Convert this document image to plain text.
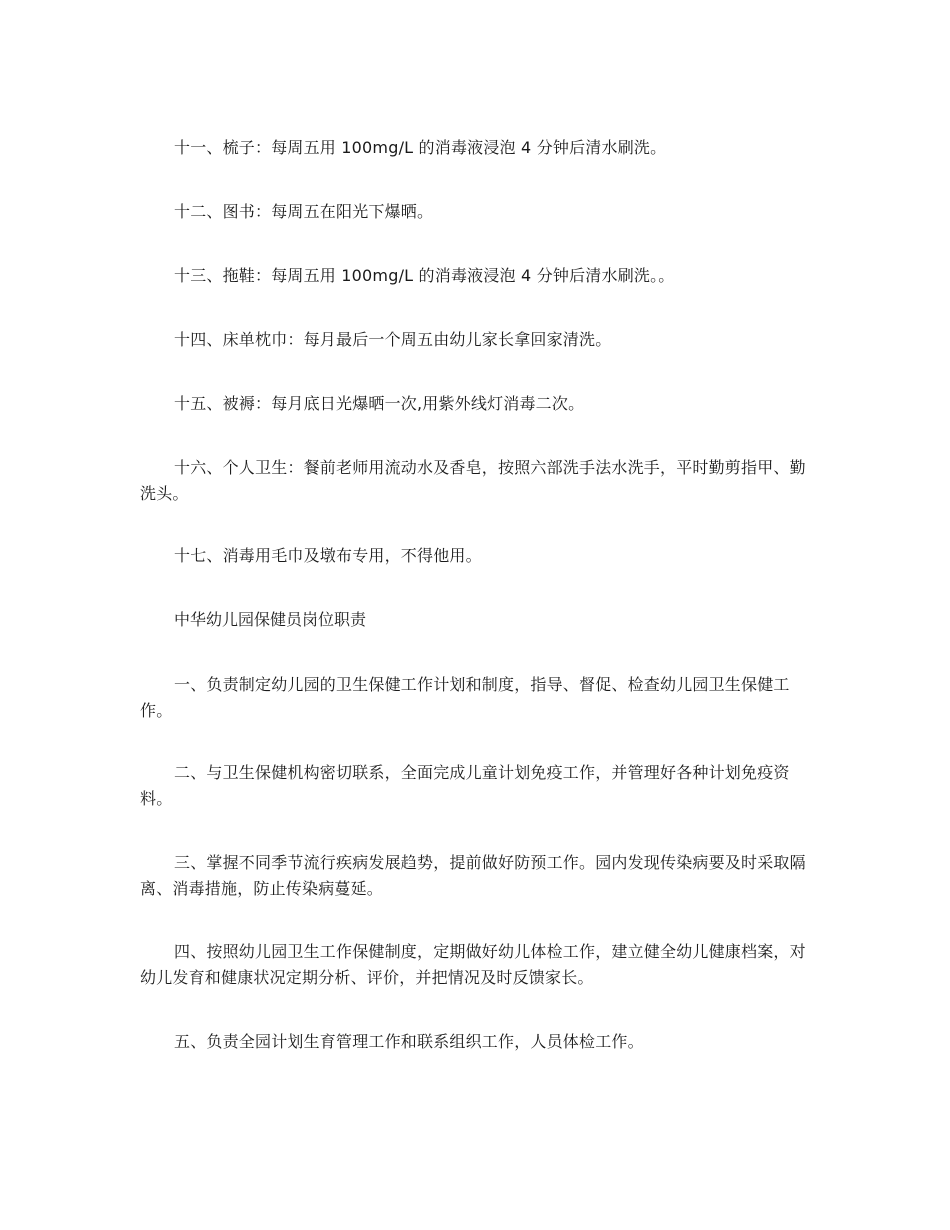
十一、梳子：每周五用 100mg/L 的消毒液浸泡 4 分钟后清水刷洗。

十二、图书：每周五在阳光下爆晒。

十三、拖鞋：每周五用 100mg/L 的消毒液浸泡 4 分钟后清水刷洗。。

十四、床单枕巾：每月最后一个周五由幼儿家长拿回家清洗。

十五、被褥：每月底日光爆晒一次,用紫外线灯消毒二次。

十六、个人卫生：餐前老师用流动水及香皂，按照六部洗手法水洗手，平时勤剪指甲、勤洗头。

十七、消毒用毛巾及墩布专用，不得他用。

中华幼儿园保健员岗位职责

一、负责制定幼儿园的卫生保健工作计划和制度，指导、督促、检查幼儿园卫生保健工作。

二、与卫生保健机构密切联系，全面完成儿童计划免疫工作，并管理好各种计划免疫资料。

三、掌握不同季节流行疾病发展趋势，提前做好防预工作。园内发现传染病要及时采取隔离、消毒措施，防止传染病蔓延。

四、按照幼儿园卫生工作保健制度，定期做好幼儿体检工作，建立健全幼儿健康档案，对幼儿发育和健康状况定期分析、评价，并把情况及时反馈家长。

五、负责全园计划生育管理工作和联系组织工作，人员体检工作。
